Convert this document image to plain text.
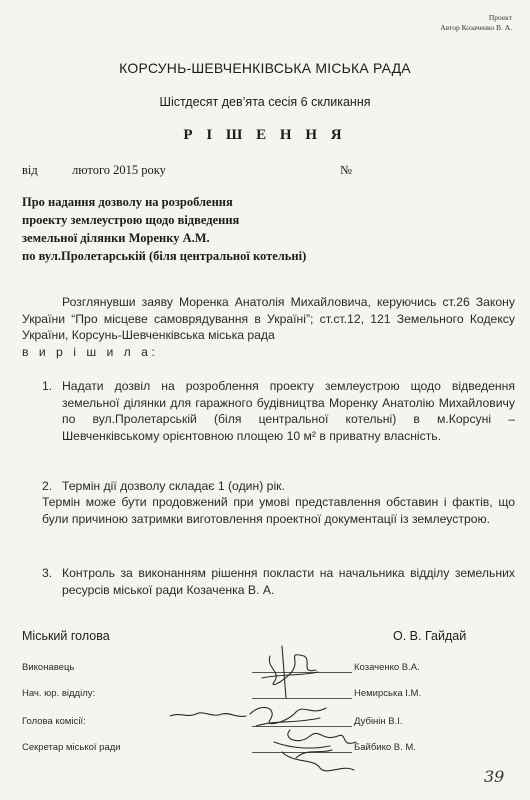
Проект
Автор Козаченко В. А.
КОРСУНЬ-ШЕВЧЕНКІВСЬКА МІСЬКА РАДА
Шістдесят дев’ята сесія 6 скликання
Р І Ш Е Н Н Я
від	лютого 2015 року	№
Про надання дозволу на розроблення
проекту землеустрою щодо відведення
земельної ділянки Моренку А.М.
по вул.Пролетарській (біля центральної котельні)
Розглянувши заяву Моренка Анатолія Михайловича, керуючись ст.26 Закону України “Про місцеве самоврядування в Україні”; ст.ст.12, 121 Земельного Кодексу України, Корсунь-Шевченківська міська рада
в и р і ш и л а:
1. Надати дозвіл на розроблення проекту землеустрою щодо відведення земельної ділянки для гаражного будівництва Моренку Анатолію Михайловичу по вул.Пролетарській (біля центральної котельні) в м.Корсуні – Шевченківському орієнтовною площею 10 м² в приватну власність.
2. Термін дії дозволу складає 1 (один) рік.
Термін може бути продовжений при умові представлення обставин і фактів, що були причиною затримки виготовлення проектної документації із землеустрою.
3. Контроль за виконанням рішення покласти на начальника відділу земельних ресурсів міської ради Козаченка В. А.
Міський голова	О. В. Гайдай
Виконавець	Козаченко В.А.
Нач. юр. відділу:	Немирська І.М.
Голова комісії:	Дубінін В.І.
Секретар міської ради	Байбико В. М.
39
